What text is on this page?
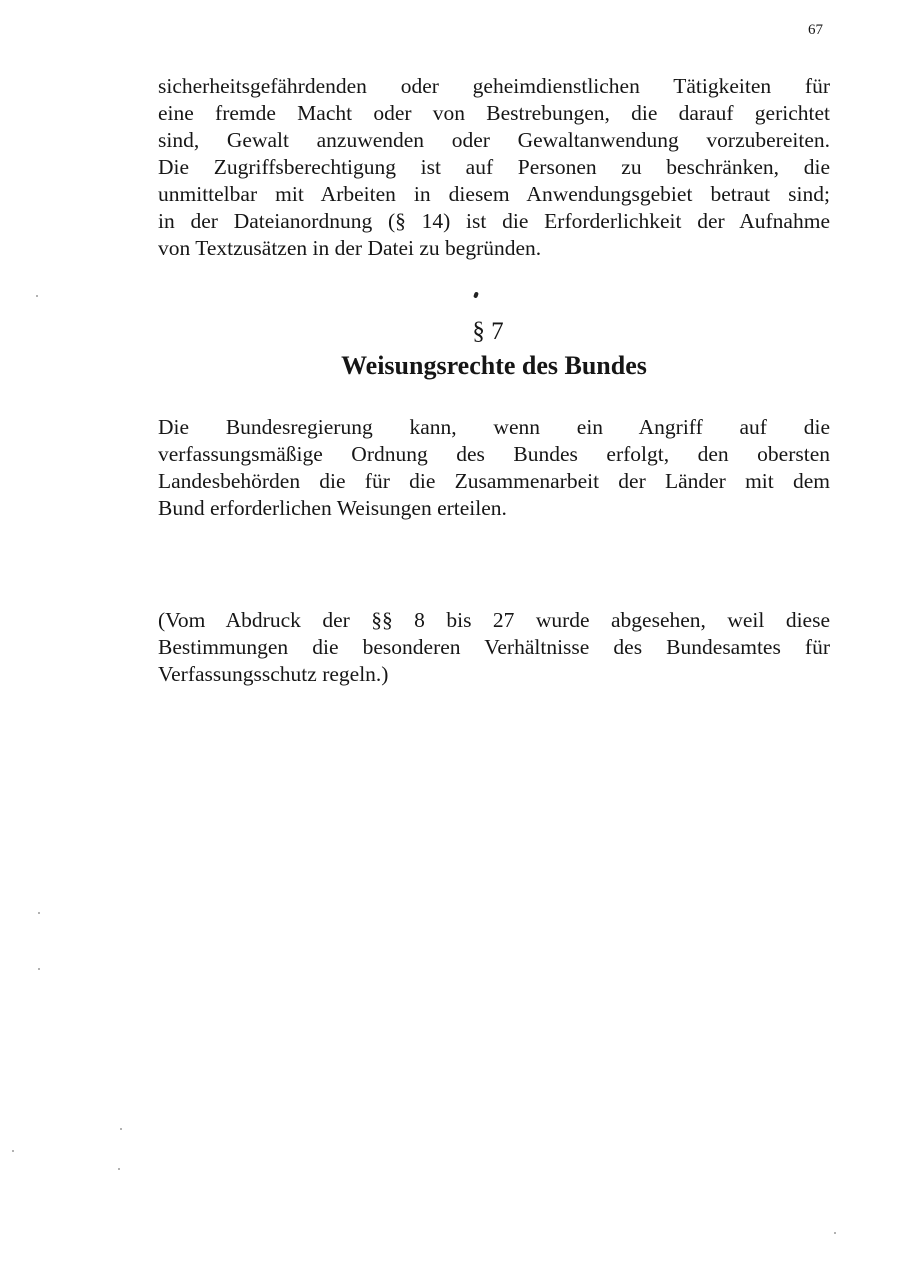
67
sicherheitsgefährdenden oder geheimdienstlichen Tätigkeiten für
eine fremde Macht oder von Bestrebungen, die darauf gerichtet
sind, Gewalt anzuwenden oder Gewaltanwendung vorzubereiten.
Die Zugriffsberechtigung ist auf Personen zu beschränken, die
unmittelbar mit Arbeiten in diesem Anwendungsgebiet betraut sind;
in der Dateianordnung (§ 14) ist die Erforderlichkeit der Aufnahme
von Textzusätzen in der Datei zu begründen.
§ 7
Weisungsrechte des Bundes
Die Bundesregierung kann, wenn ein Angriff auf die
verfassungsmäßige Ordnung des Bundes erfolgt, den obersten
Landesbehörden die für die Zusammenarbeit der Länder mit dem
Bund erforderlichen Weisungen erteilen.
(Vom Abdruck der §§ 8 bis 27 wurde abgesehen, weil diese
Bestimmungen die besonderen Verhältnisse des Bundesamtes für
Verfassungsschutz regeln.)
